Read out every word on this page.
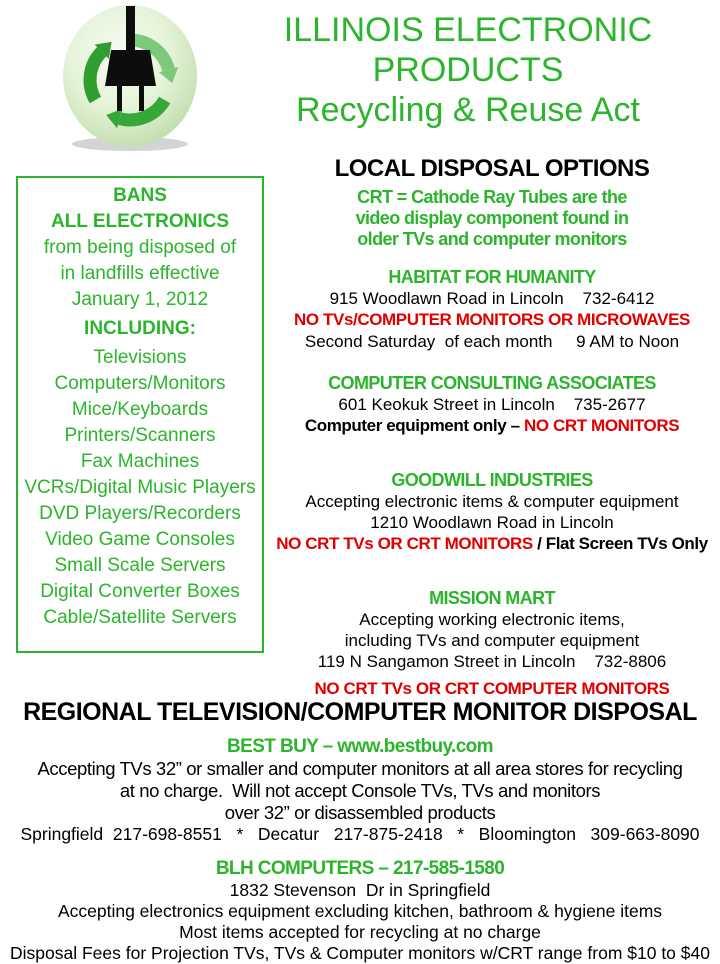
ILLINOIS ELECTRONIC
PRODUCTS
Recycling & Reuse Act
BANS
ALL ELECTRONICS
from being disposed of
in landfills effective
January 1, 2012
INCLUDING:
Televisions
Computers/Monitors
Mice/Keyboards
Printers/Scanners
Fax Machines
VCRs/Digital Music Players
DVD Players/Recorders
Video Game Consoles
Small Scale Servers
Digital Converter Boxes
Cable/Satellite Servers
LOCAL DISPOSAL OPTIONS
CRT = Cathode Ray Tubes are the
video display component found in
older TVs and computer monitors
HABITAT FOR HUMANITY
915 Woodlawn Road in Lincoln    732-6412
NO TVs/COMPUTER MONITORS OR MICROWAVES
Second Saturday  of each month     9 AM to Noon
COMPUTER CONSULTING ASSOCIATES
601 Keokuk Street in Lincoln    735-2677
Computer equipment only – NO CRT MONITORS
GOODWILL INDUSTRIES
Accepting electronic items & computer equipment
1210 Woodlawn Road in Lincoln
NO CRT TVs OR CRT MONITORS / Flat Screen TVs Only
MISSION MART
Accepting working electronic items,
including TVs and computer equipment
119 N Sangamon Street in Lincoln    732-8806
NO CRT TVs OR CRT COMPUTER MONITORS
REGIONAL TELEVISION/COMPUTER MONITOR DISPOSAL
BEST BUY – www.bestbuy.com
Accepting TVs 32” or smaller and computer monitors at all area stores for recycling
at no charge.  Will not accept Console TVs, TVs and monitors
over 32” or disassembled products
Springfield  217-698-8551   *   Decatur   217-875-2418   *   Bloomington   309-663-8090
BLH COMPUTERS – 217-585-1580
1832 Stevenson  Dr in Springfield
Accepting electronics equipment excluding kitchen, bathroom & hygiene items
Most items accepted for recycling at no charge
Disposal Fees for Projection TVs, TVs & Computer monitors w/CRT range from $10 to $40
